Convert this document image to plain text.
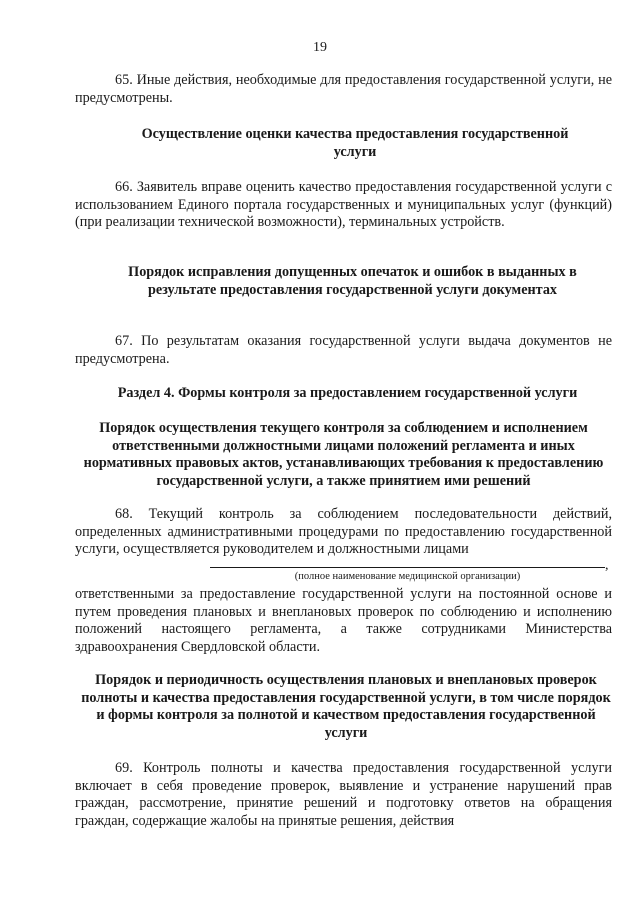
19

65. Иные действия, необходимые для предоставления государственной услуги, не предусмотрены.

Осуществление оценки качества предоставления государственной услуги

66. Заявитель вправе оценить качество предоставления государственной услуги с использованием Единого портала государственных и муниципальных услуг (функций) (при реализации технической возможности), терминальных устройств.

Порядок исправления допущенных опечаток и ошибок в выданных в результате предоставления государственной услуги документах

67. По результатам оказания государственной услуги выдача документов не предусмотрена.

Раздел 4. Формы контроля за предоставлением государственной услуги

Порядок осуществления текущего контроля за соблюдением и исполнением ответственными должностными лицами положений регламента и иных нормативных правовых актов, устанавливающих требования к предоставлению государственной услуги, а также принятием ими решений

68. Текущий контроль за соблюдением последовательности действий, определенных административными процедурами по предоставлению государственной услуги, осуществляется руководителем и должностными лицами

,
(полное наименование медицинской организации)

ответственными за предоставление государственной услуги на постоянной основе и путем проведения плановых и внеплановых проверок по соблюдению и исполнению положений настоящего регламента, а также сотрудниками Министерства здравоохранения Свердловской области.

Порядок и периодичность осуществления плановых и внеплановых проверок полноты и качества предоставления государственной услуги, в том числе порядок и формы контроля за полнотой и качеством предоставления государственной услуги

69. Контроль полноты и качества предоставления государственной услуги включает в себя проведение проверок, выявление и устранение нарушений прав граждан, рассмотрение, принятие решений и подготовку ответов на обращения граждан, содержащие жалобы на принятые решения, действия
